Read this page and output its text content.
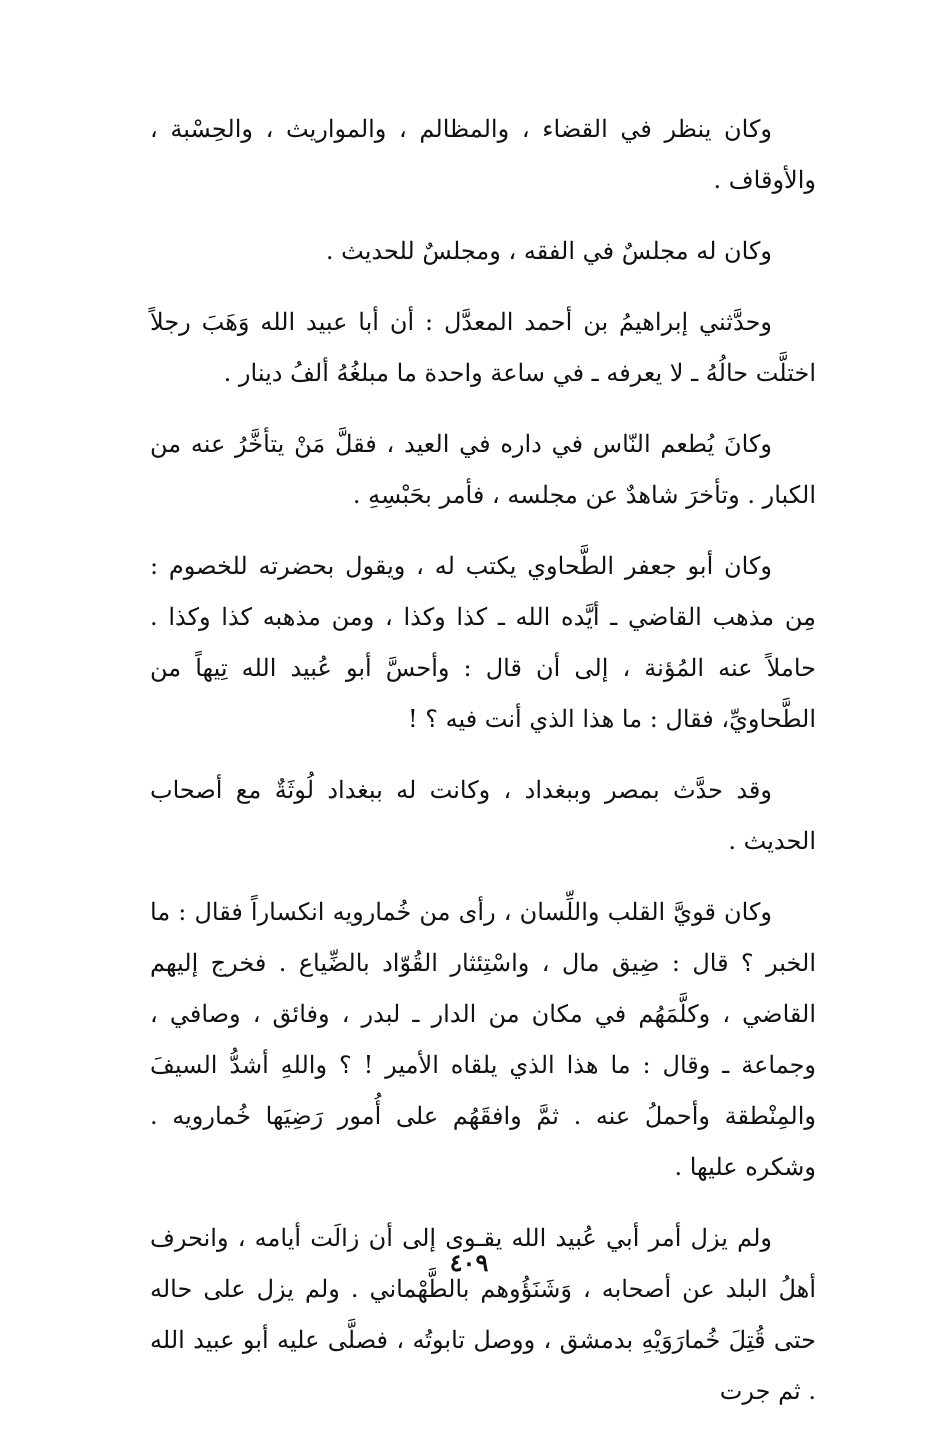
وكان ينظر في القضاء ، والمظالم ، والمواريث ، والحِسْبة ، والأوقاف .

وكان له مجلسٌ في الفقه ، ومجلسٌ للحديث .

وحدَّثني إبراهيمُ بن أحمد المعدَّل : أن أبا عبيد الله وَهَبَ رجلاً اختلَّت حالُهُ ـ لا يعرفه ـ في ساعة واحدة ما مبلغُهُ ألفُ دينار .

وكانَ يُطعم النّاس في داره في العيد ، فقلَّ مَنْ يتأخَّرُ عنه من الكبار . وتأخرَ شاهدٌ عن مجلسه ، فأمر بحَبْسِهِ .

وكان أبو جعفر الطَّحاوي يكتب له ، ويقول بحضرته للخصوم : مِن مذهب القاضي ـ أيَّده الله ـ كذا وكذا ، ومن مذهبه كذا وكذا . حاملاً عنه المُؤنة ، إلى أن قال : وأحسَّ أبو عُبيد الله تِيهاً من الطَّحاويِّ، فقال : ما هذا الذي أنت فيه ؟ !

وقد حدَّث بمصر وببغداد ، وكانت له ببغداد لُوثَةٌ مع أصحاب الحديث .

وكان قويَّ القلب واللِّسان ، رأى من خُمارويه انكساراً فقال : ما الخبر ؟ قال : ضِيق مال ، واسْتِئثار القُوّاد بالضِّياع . فخرج إليهم القاضي ، وكلَّمَهُم في مكان من الدار ـ لبدر ، وفائق ، وصافي ، وجماعة ـ وقال : ما هذا الذي يلقاه الأمير ! ؟ واللهِ أشدُّ السيفَ والمِنْطقة وأحملُ عنه . ثمَّ وافقَهُم على أُمور رَضِيَها خُمارويه . وشكره عليها .

ولم يزل أمر أبي عُبيد الله يقـوى إلى أن زالَت أيامه ، وانحرف أهلُ البلد عن أصحابه ، وَشَنَؤُوهم بالطَّهْماني . ولم يزل على حاله حتى قُتِلَ خُمارَوَيْهِ بدمشق ، ووصل تابوتُه ، فصلَّى عليه أبو عبيد الله . ثم جرت

٤٠٩
